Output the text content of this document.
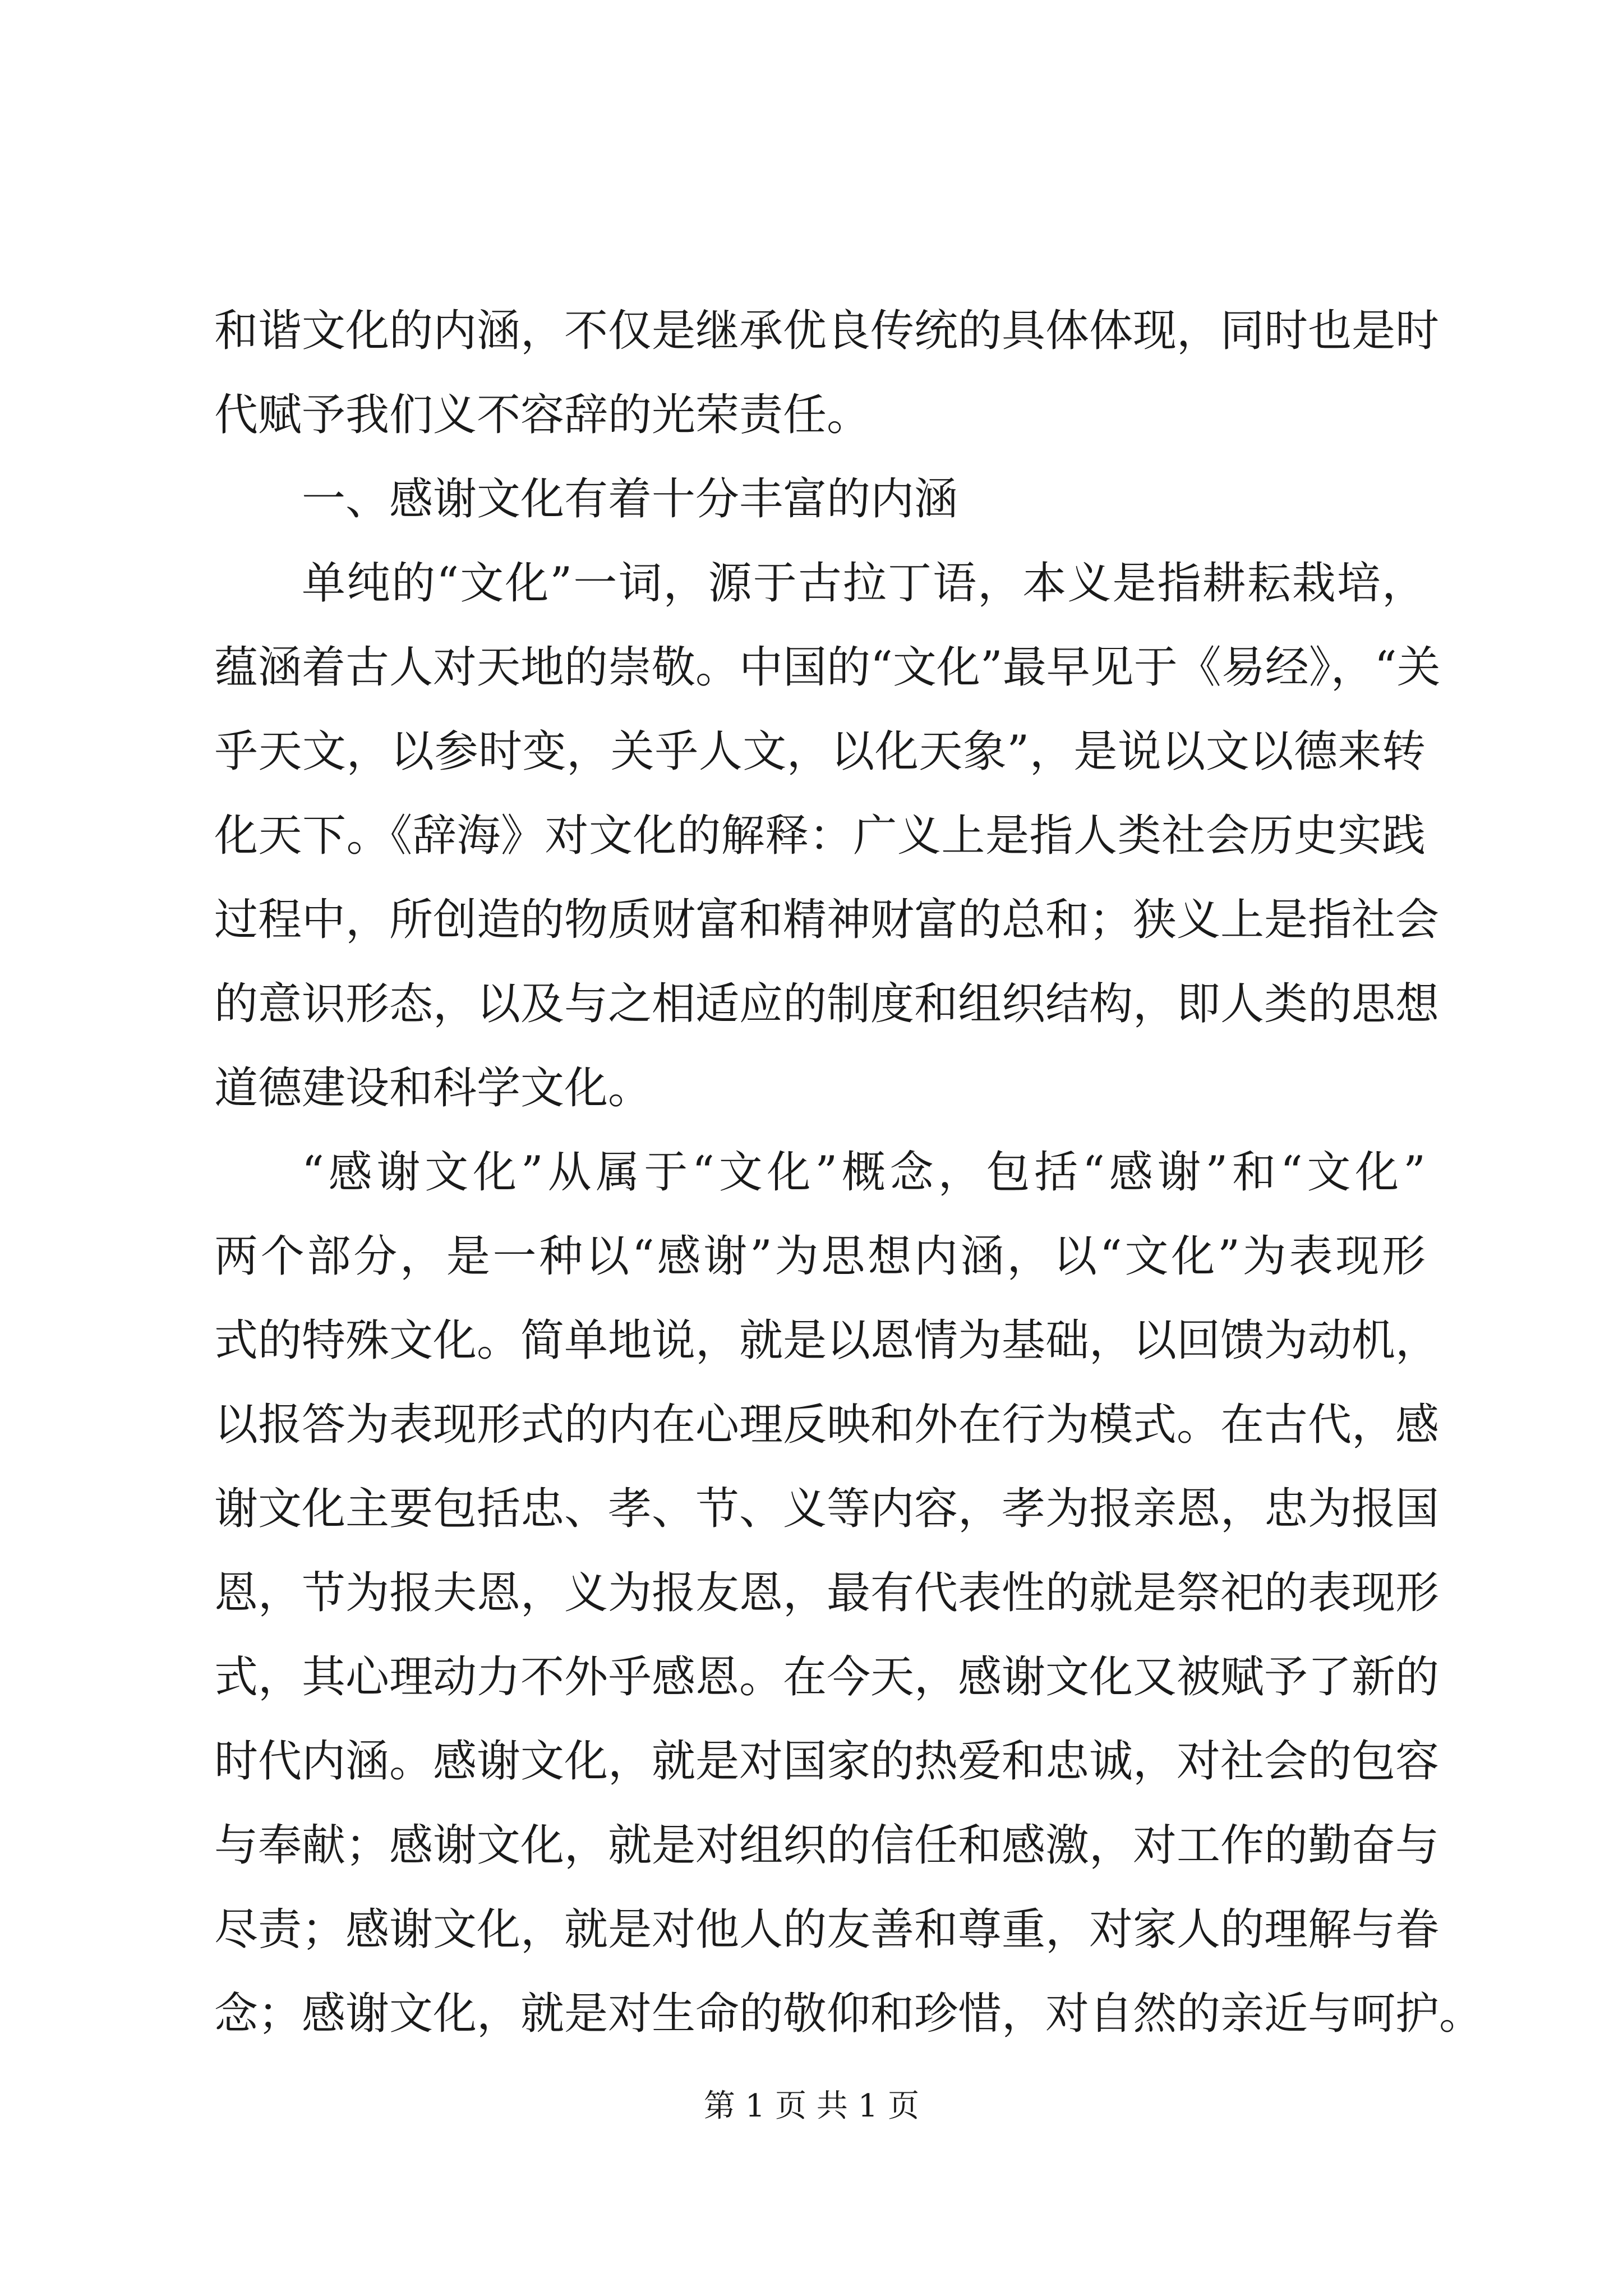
和谐文化的内涵，不仅是继承优良传统的具体体现，同时也是时
代赋予我们义不容辞的光荣责任。
一、感谢文化有着十分丰富的内涵
单纯的“文化”一词，源于古拉丁语，本义是指耕耘栽培，
蕴涵着古人对天地的崇敬。中国的“文化”最早见于《易经》，“关
乎天文，以参时变，关乎人文，以化天象”，是说以文以德来转
化天下。《辞海》对文化的解释：广义上是指人类社会历史实践
过程中，所创造的物质财富和精神财富的总和；狭义上是指社会
的意识形态，以及与之相适应的制度和组织结构，即人类的思想
道德建设和科学文化。
“感谢文化”从属于“文化”概念，包括“感谢”和“文化”
两个部分，是一种以“感谢”为思想内涵，以“文化”为表现形
式的特殊文化。简单地说，就是以恩情为基础，以回馈为动机，
以报答为表现形式的内在心理反映和外在行为模式。在古代，感
谢文化主要包括忠、孝、节、义等内容，孝为报亲恩，忠为报国
恩，节为报夫恩，义为报友恩，最有代表性的就是祭祀的表现形
式，其心理动力不外乎感恩。在今天，感谢文化又被赋予了新的
时代内涵。感谢文化，就是对国家的热爱和忠诚，对社会的包容
与奉献；感谢文化，就是对组织的信任和感激，对工作的勤奋与
尽责；感谢文化，就是对他人的友善和尊重，对家人的理解与眷
念；感谢文化，就是对生命的敬仰和珍惜，对自然的亲近与呵护。
第 1 页 共 1 页
